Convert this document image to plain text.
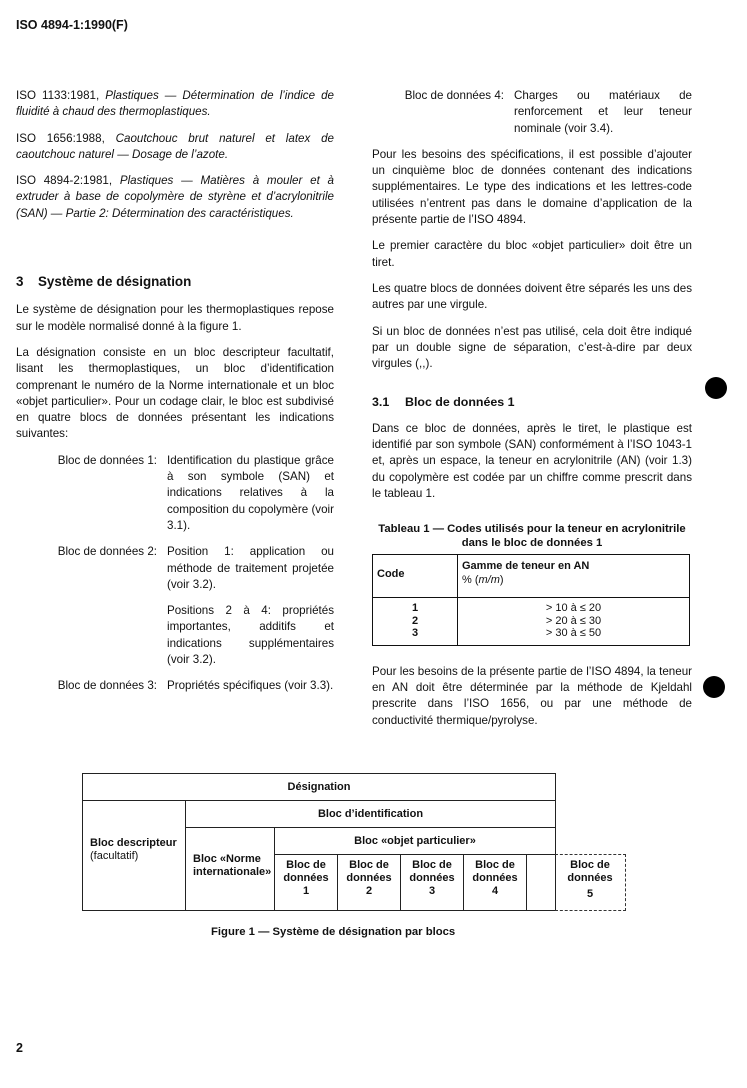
ISO 4894-1:1990(F)

ISO 1133:1981, Plastiques — Détermination de l’indice de fluidité à chaud des thermoplastiques.

ISO 1656:1988, Caoutchouc brut naturel et latex de caoutchouc naturel — Dosage de l’azote.

ISO 4894-2:1981, Plastiques — Matières à mouler et à extruder à base de copolymère de styrène et d’acrylonitrile (SAN) — Partie 2: Détermination des caractéristiques.

3 Système de désignation

Le système de désignation pour les thermoplastiques repose sur le modèle normalisé donné à la figure 1.

La désignation consiste en un bloc descripteur facultatif, lisant les thermoplastiques, un bloc d’identification comprenant le numéro de la Norme internationale et un bloc «objet particulier». Pour un codage clair, le bloc est subdivisé en quatre blocs de données présentant les indications suivantes:

Bloc de données 1: Identification du plastique grâce à son symbole (SAN) et indications relatives à la composition du copolymère (voir 3.1).

Bloc de données 2: Position 1: application ou méthode de traitement projetée (voir 3.2).

Positions 2 à 4: propriétés importantes, additifs et indications supplémentaires (voir 3.2).

Bloc de données 3: Propriétés spécifiques (voir 3.3).

Bloc de données 4: Charges ou matériaux de renforcement et leur teneur nominale (voir 3.4).

Pour les besoins des spécifications, il est possible d’ajouter un cinquième bloc de données contenant des indications supplémentaires. Le type des indications et les lettres-code utilisées n’entrent pas dans le domaine d’application de la présente partie de l’ISO 4894.

Le premier caractère du bloc «objet particulier» doit être un tiret.

Les quatre blocs de données doivent être séparés les uns des autres par une virgule.

Si un bloc de données n’est pas utilisé, cela doit être indiqué par un double signe de séparation, c’est-à-dire par deux virgules (,,).

3.1 Bloc de données 1

Dans ce bloc de données, après le tiret, le plastique est identifié par son symbole (SAN) conformément à l’ISO 1043-1 et, après un espace, la teneur en acrylonitrile (AN) (voir 1.3) du copolymère est codée par un chiffre comme prescrit dans le tableau 1.

Tableau 1 — Codes utilisés pour la teneur en acrylonitrile dans le bloc de données 1

Code	Gamme de teneur en AN
% (m/m)
1	> 10 à ≤ 20
2	> 20 à ≤ 30
3	> 30 à ≤ 50

Pour les besoins de la présente partie de l’ISO 4894, la teneur en AN doit être déterminée par la méthode de Kjeldahl prescrite dans l’ISO 1656, ou par une méthode de conductivité thermique/pyrolyse.

Désignation
Bloc descripteur
(facultatif)
Bloc d’identification
Bloc «Norme internationale»
Bloc «objet particulier»
Bloc de
données
1
Bloc de
données
2
Bloc de
données
3
Bloc de
données
4
Bloc de
données
5
Figure 1 — Système de désignation par blocs
2
